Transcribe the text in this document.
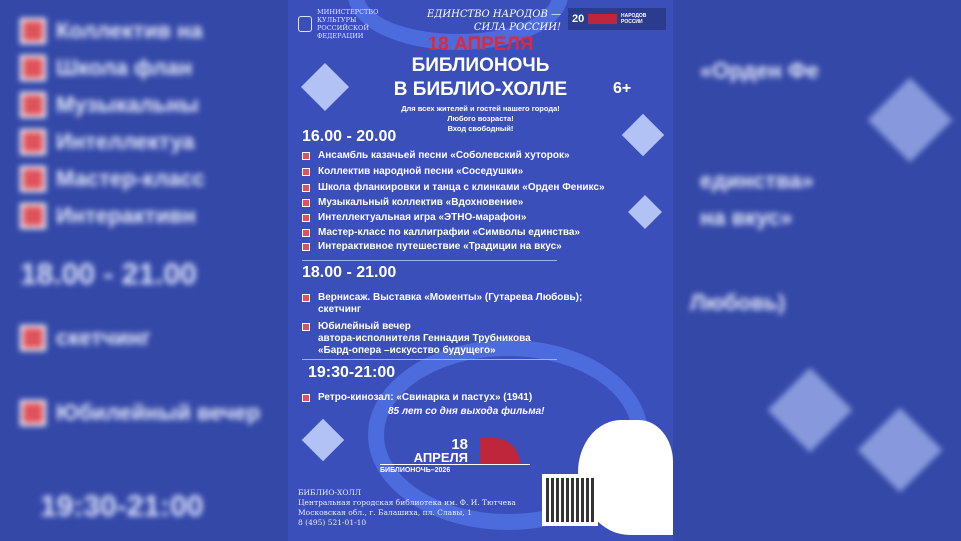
Коллектив на
Школа флан
Музыкальны
Интеллектуа
Мастер-класс
Интерактивн
18.00 - 21.00
скетчинг
Юбилейный вечер
19:30-21:00
«Орден Фе
единства»
на вкус»
Любовь)
МИНИСТЕРСТВО КУЛЬТУРЫ РОССИЙСКОЙ ФЕДЕРАЦИИ
ЕДИНСТВО НАРОДОВ —
СИЛА РОССИИ!
20	НАРОДОВ РОССИИ
18 АПРЕЛЯ
БИБЛИОНОЧЬ
В БИБЛИО-ХОЛЛЕ	6+
Для всех жителей и гостей нашего города!
Любого возраста!
Вход свободный!
16.00 - 20.00
Ансамбль казачьей песни «Соболевский хуторок»
Коллектив народной песни «Соседушки»
Школа фланкировки и танца с клинками «Орден Феникс»
Музыкальный коллектив «Вдохновение»
Интеллектуальная игра «ЭТНО-марафон»
Мастер-класс по каллиграфии «Символы единства»
Интерактивное путешествие «Традиции на вкус»
18.00 - 21.00
Вернисаж. Выставка «Моменты» (Гутарева Любовь);
скетчинг
Юбилейный вечер
автора-исполнителя Геннадия Трубникова
«Бард-опера –искусство будущего»
19:30-21:00
Ретро-кинозал: «Свинарка и пастух» (1941)
85 лет со дня выхода фильма!
18
АПРЕЛЯ
БИБЛИОНОЧЬ–2026
БИБЛИО-ХОЛЛ
Центральная городская библиотека им. Ф. И. Тютчева
Московская обл., г. Балашиха, пл. Славы, 1
8 (495) 521-01-10
